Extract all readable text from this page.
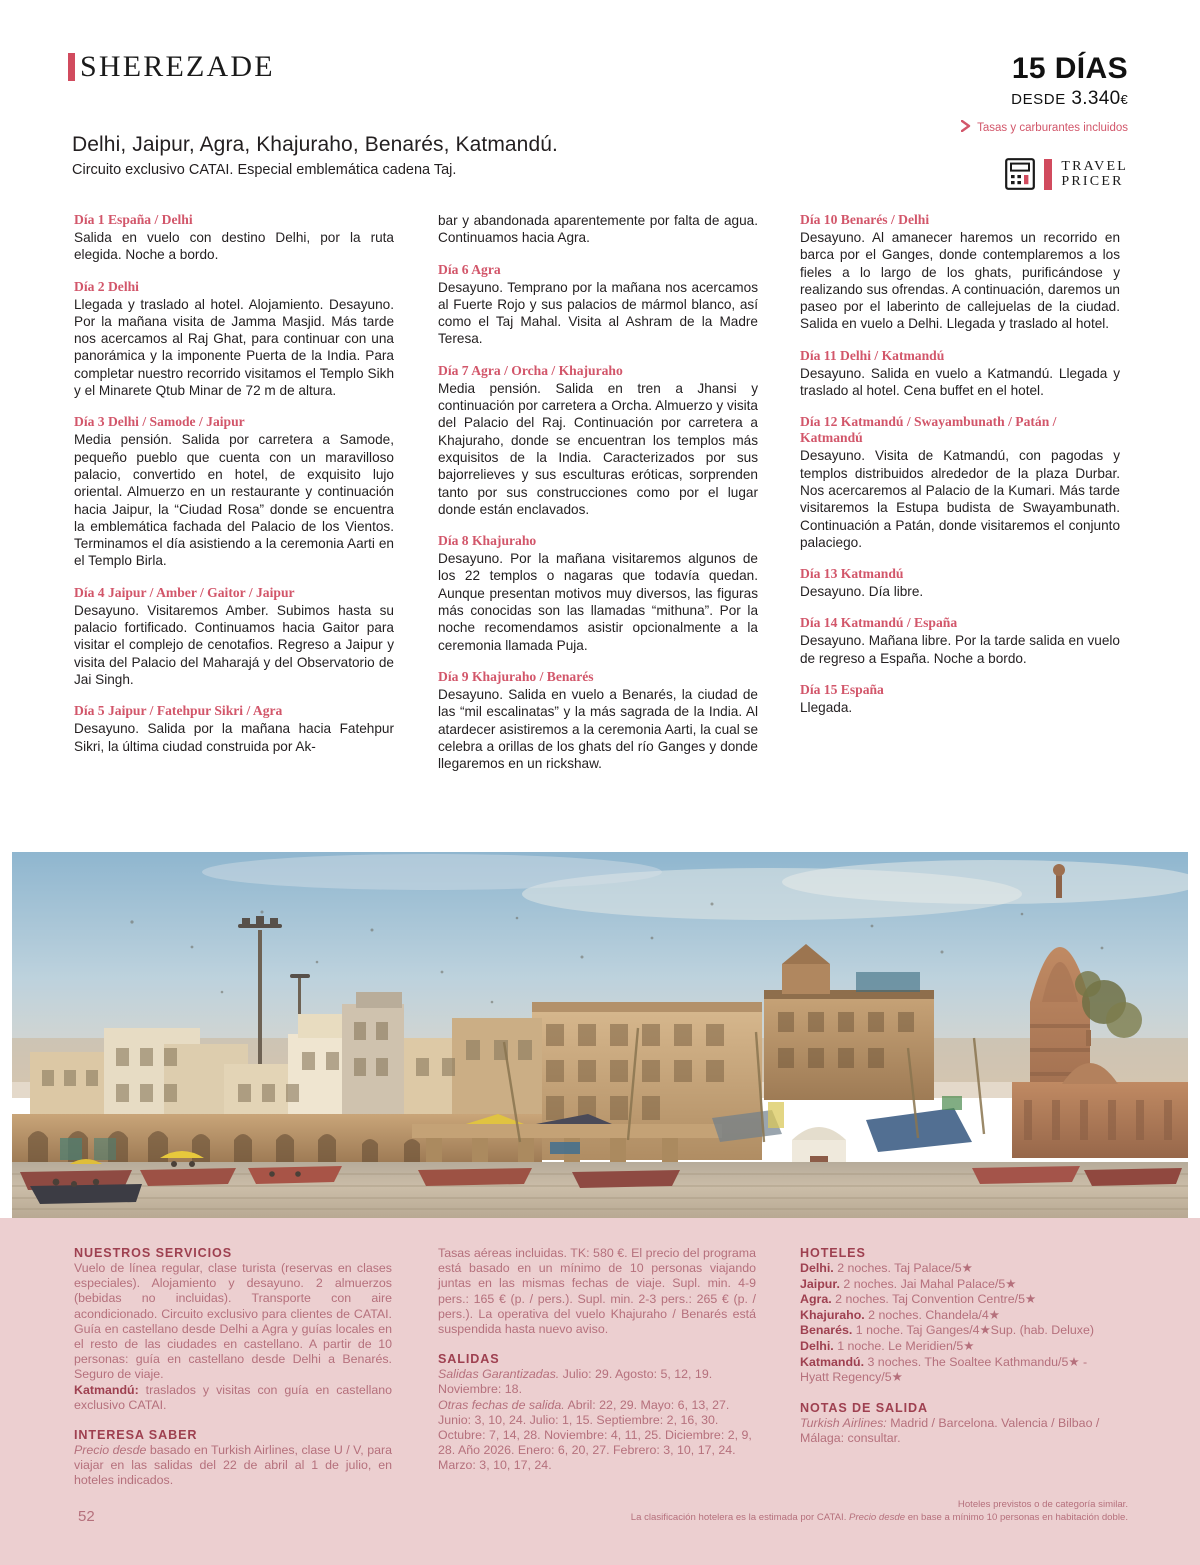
SHEREZADE
Delhi, Jaipur, Agra, Khajuraho, Benarés, Katmandú.
Circuito exclusivo CATAI. Especial emblemática cadena Taj.
15 DÍAS
DESDE 3.340€
Tasas y carburantes incluidos
TRAVEL
PRICER
Día 1 España / Delhi

Salida en vuelo con destino Delhi, por la ruta elegida. Noche a bordo.

Día 2 Delhi

Llegada y traslado al hotel. Alojamiento. Desayuno. Por la mañana visita de Jamma Masjid. Más tarde nos acercamos al Raj Ghat, para continuar con una panorámica y la imponente Puerta de la India. Para completar nuestro recorrido visitamos el Templo Sikh y el Minarete Qtub Minar de 72 m de altura.

Día 3 Delhi / Samode / Jaipur

Media pensión. Salida por carretera a Samode, pequeño pueblo que cuenta con un maravilloso palacio, convertido en hotel, de exquisito lujo oriental. Almuerzo en un restaurante y continuación hacia Jaipur, la “Ciudad Rosa” donde se encuentra la emblemática fachada del Palacio de los Vientos. Terminamos el día asistiendo a la ceremonia Aarti en el Templo Birla.

Día 4 Jaipur / Amber / Gaitor / Jaipur

Desayuno. Visitaremos Amber. Subimos hasta su palacio fortificado. Continuamos hacia Gaitor para visitar el complejo de cenotafios. Regreso a Jaipur y visita del Palacio del Maharajá y del Observatorio de Jai Singh.

Día 5 Jaipur / Fatehpur Sikri / Agra

Desayuno. Salida por la mañana hacia Fatehpur Sikri, la última ciudad construida por Ak-

bar y abandonada aparentemente por falta de agua. Continuamos hacia Agra.

Día 6 Agra

Desayuno. Temprano por la mañana nos acercamos al Fuerte Rojo y sus palacios de mármol blanco, así como el Taj Mahal. Visita al Ashram de la Madre Teresa.

Día 7 Agra / Orcha / Khajuraho

Media pensión. Salida en tren a Jhansi y continuación por carretera a Orcha. Almuerzo y visita del Palacio del Raj. Continuación por carretera a Khajuraho, donde se encuentran los templos más exquisitos de la India. Caracterizados por sus bajorrelieves y sus esculturas eróticas, sorprenden tanto por sus construcciones como por el lugar donde están enclavados.

Día 8 Khajuraho

Desayuno. Por la mañana visitaremos algunos de los 22 templos o nagaras que todavía quedan. Aunque presentan motivos muy diversos, las figuras más conocidas son las llamadas “mithuna”. Por la noche recomendamos asistir opcionalmente a la ceremonia llamada Puja.

Día 9 Khajuraho / Benarés

Desayuno. Salida en vuelo a Benarés, la ciudad de las “mil escalinatas” y la más sagrada de la India. Al atardecer asistiremos a la ceremonia Aarti, la cual se celebra a orillas de los ghats del río Ganges y donde llegaremos en un rickshaw.

Día 10 Benarés / Delhi

Desayuno. Al amanecer haremos un recorrido en barca por el Ganges, donde contemplaremos a los fieles a lo largo de los ghats, purificándose y realizando sus ofrendas. A continuación, daremos un paseo por el laberinto de callejuelas de la ciudad. Salida en vuelo a Delhi. Llegada y traslado al hotel.

Día 11 Delhi / Katmandú

Desayuno. Salida en vuelo a Katmandú. Llegada y traslado al hotel. Cena buffet en el hotel.

Día 12 Katmandú / Swayambunath / Patán / Katmandú

Desayuno. Visita de Katmandú, con pagodas y templos distribuidos alrededor de la plaza Durbar. Nos acercaremos al Palacio de la Kumari. Más tarde visitaremos la Estupa budista de Swayambunath. Continuación a Patán, donde visitaremos el conjunto palaciego.

Día 13 Katmandú

Desayuno. Día libre.

Día 14 Katmandú / España

Desayuno. Mañana libre. Por la tarde salida en vuelo de regreso a España. Noche a bordo.

Día 15 España

Llegada.

NUESTROS SERVICIOS

Vuelo de línea regular, clase turista (reservas en clases especiales). Alojamiento y desayuno. 2 almuerzos (bebidas no incluidas). Transporte con aire acondicionado. Circuito exclusivo para clientes de CATAI. Guía en castellano desde Delhi a Agra y guías locales en el resto de las ciudades en castellano. A partir de 10 personas: guía en castellano desde Delhi a Benarés. Seguro de viaje.
Katmandú: traslados y visitas con guía en castellano exclusivo CATAI.

INTERESA SABER

Precio desde basado en Turkish Airlines, clase U / V, para viajar en las salidas del 22 de abril al 1 de julio, en hoteles indicados.

Tasas aéreas incluidas. TK: 580 €. El precio del programa está basado en un mínimo de 10 personas viajando juntas en las mismas fechas de viaje. Supl. min. 4-9 pers.: 165 € (p. / pers.). Supl. min. 2-3 pers.: 265 € (p. / pers.). La operativa del vuelo Khajuraho / Benarés está suspendida hasta nuevo aviso.

SALIDAS

Salidas Garantizadas. Julio: 29. Agosto: 5, 12, 19. Noviembre: 18.

Otras fechas de salida. Abril: 22, 29. Mayo: 6, 13, 27. Junio: 3, 10, 24. Julio: 1, 15. Septiembre: 2, 16, 30. Octubre: 7, 14, 28. Noviembre: 4, 11, 25. Diciembre: 2, 9, 28. Año 2026. Enero: 6, 20, 27. Febrero: 3, 10, 17, 24. Marzo: 3, 10, 17, 24.

HOTELES
Delhi. 2 noches. Taj Palace/5★
Jaipur. 2 noches. Jai Mahal Palace/5★
Agra. 2 noches. Taj Convention Centre/5★
Khajuraho. 2 noches. Chandela/4★
Benarés. 1 noche. Taj Ganges/4★Sup. (hab. Deluxe)
Delhi. 1 noche. Le Meridien/5★
Katmandú. 3 noches. The Soaltee Kathmandu/5★ - Hyatt Regency/5★
NOTAS DE SALIDA

Turkish Airlines: Madrid / Barcelona. Valencia / Bilbao / Málaga: consultar.

52
Hoteles previstos o de categoría similar.
La clasificación hotelera es la estimada por CATAI. Precio desde en base a mínimo 10 personas en habitación doble.
